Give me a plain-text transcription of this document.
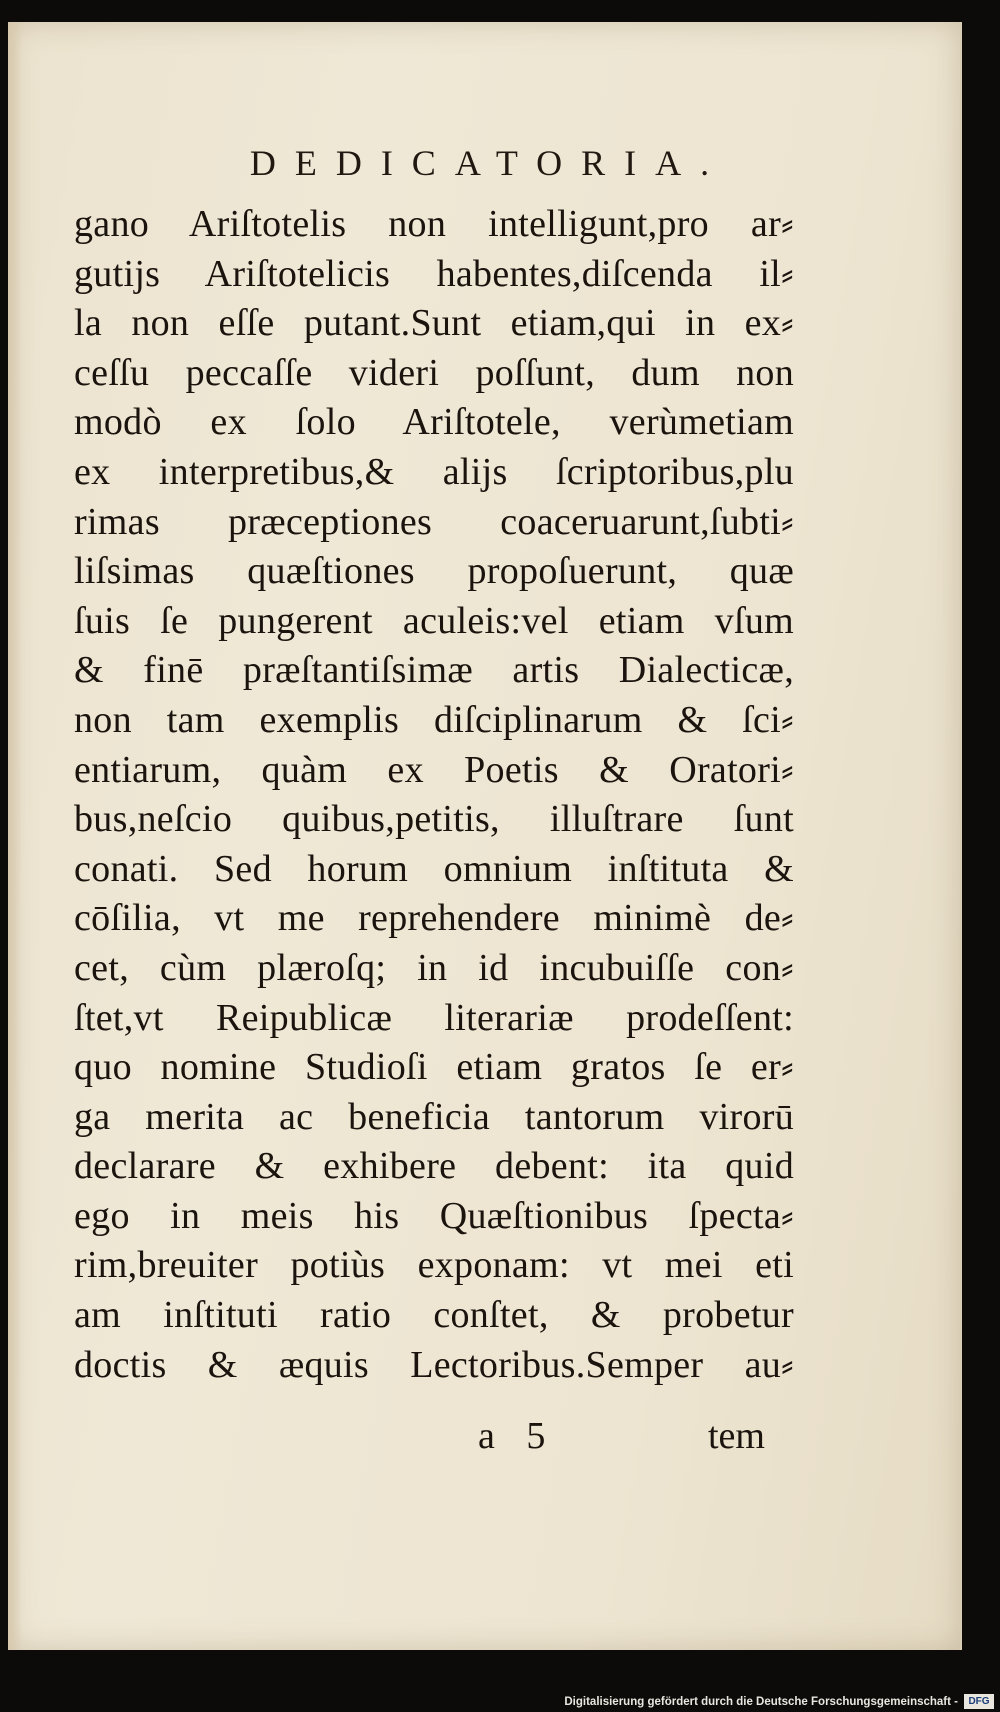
DEDICATORIA.
gano Ariſtotelis non intelligunt,pro ar⸗
gutijs Ariſtotelicis habentes,diſcenda il⸗
la non eſſe putant.Sunt etiam,qui in ex⸗
ceſſu peccaſſe videri poſſunt, dum non
modò ex ſolo Ariſtotele, verùmetiam
ex interpretibus,& alijs ſcriptoribus,plu
rimas præceptiones coaceruarunt,ſubti⸗
liſsimas quæſtiones propoſuerunt, quæ
ſuis ſe pungerent aculeis:vel etiam vſum
& finē præſtantiſsimæ artis Dialecticæ,
non tam exemplis diſciplinarum & ſci⸗
entiarum, quàm ex Poetis & Oratori⸗
bus,neſcio quibus,petitis, illuſtrare ſunt
conati. Sed horum omnium inſtituta &
cōſilia, vt me reprehendere minimè de⸗
cet, cùm plæroſq; in id incubuiſſe con⸗
ſtet,vt Reipublicæ literariæ prodeſſent:
quo nomine Studioſi etiam gratos ſe er⸗
ga merita ac beneficia tantorum virorū
declarare & exhibere debent: ita quid
ego in meis his Quæſtionibus ſpecta⸗
rim,breuiter potiùs exponam: vt mei eti
am inſtituti ratio conſtet, & probetur
doctis & æquis Lectoribus.Semper au⸗
a 5	tem
Digitalisierung gefördert durch die Deutsche Forschungsgemeinschaft -	DFG
